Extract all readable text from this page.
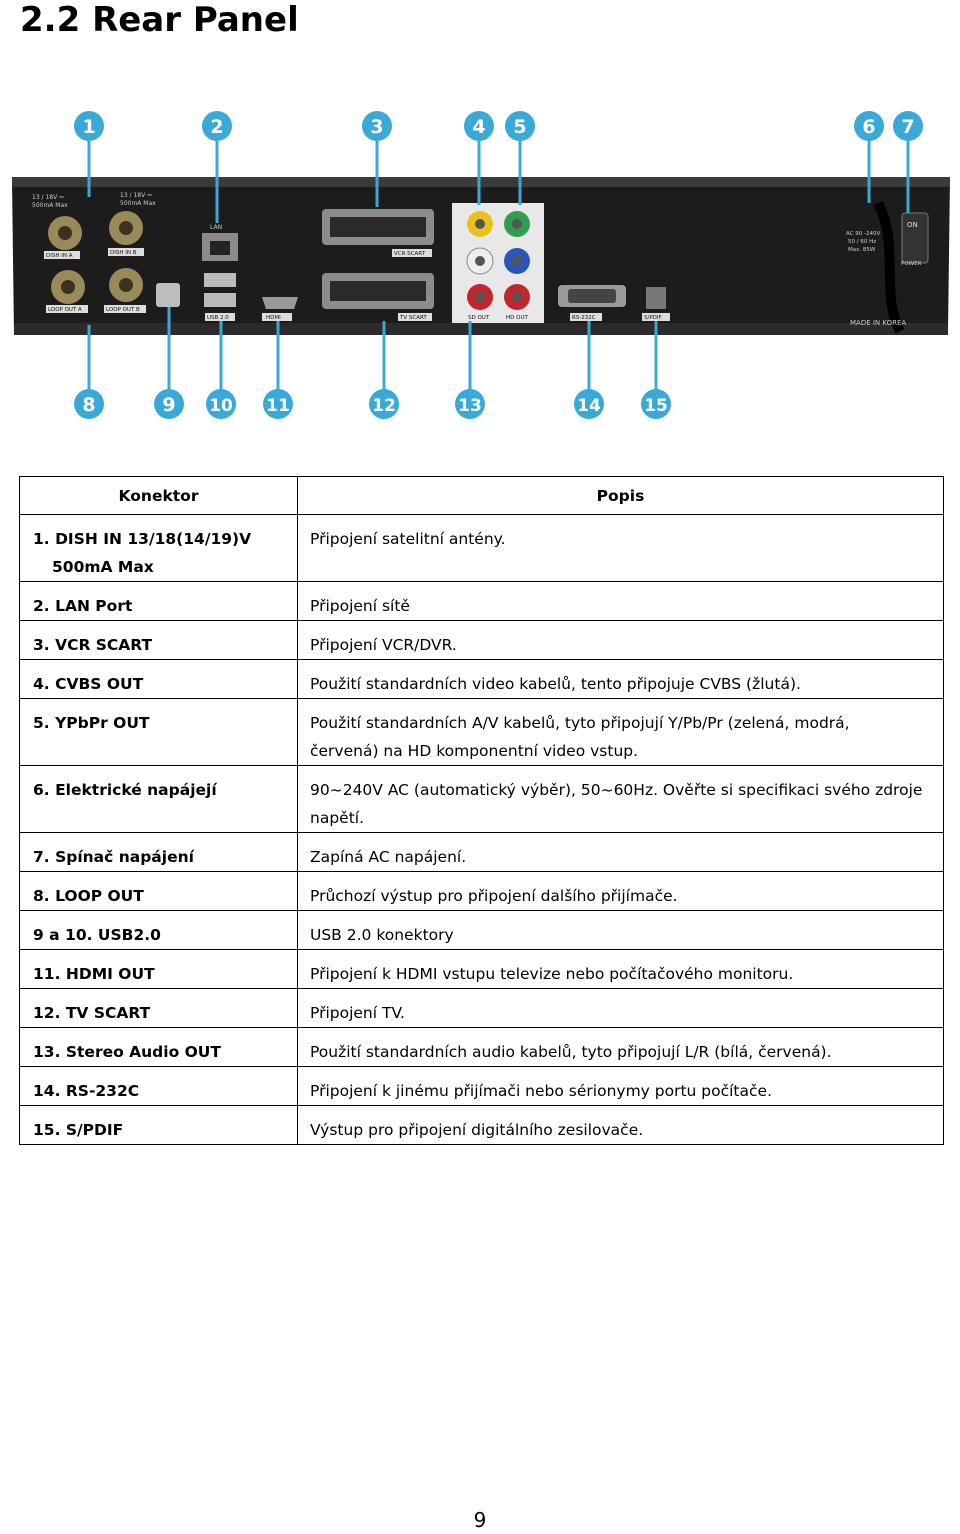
2.2 Rear Panel
13 / 18V ⎓
500mA Max
13 / 18V ⎓
500mA Max
DISH IN A	DISH IN B
LOOP OUT A	LOOP OUT B
LAN
USB 2.0	HDMI
VCR SCART
TV SCART	SD OUT	HD OUT	RS-232C	S/PDIF
AC 90 -240V
50 / 60 Hz
Max. 85W
ON
POWER
MADE IN KOREA
1	2	3	4 5	6 7
8	9 10 11	12	13	14	15
Konektor	Popis

1. DISH IN 13/18(14/19)V
500mA Max	Připojení satelitní antény.

2. LAN Port	Připojení sítě

3. VCR SCART	Připojení VCR/DVR.

4. CVBS OUT	Použití standardních video kabelů, tento připojuje CVBS (žlutá).

5. YPbPr OUT	Použití standardních A/V kabelů, tyto připojují Y/Pb/Pr (zelená, modrá,
červená) na HD komponentní video vstup.

6. Elektrické napájejí	90~240V AC (automatický výběr), 50~60Hz. Ověřte si specifikaci svého zdroje
napětí.

7. Spínač napájení	Zapíná AC napájení.

8. LOOP OUT	Průchozí výstup pro připojení dalšího přijímače.

9 a 10. USB2.0	USB 2.0 konektory

11. HDMI OUT	Připojení k HDMI vstupu televize nebo počítačového monitoru.

12. TV SCART	Připojení TV.

13. Stereo Audio OUT	Použití standardních audio kabelů, tyto připojují L/R (bílá, červená).

14. RS-232C	Připojení k jinému přijímači nebo sérionymy portu počítače.

15. S/PDIF	Výstup pro připojení digitálního zesilovače.
9
